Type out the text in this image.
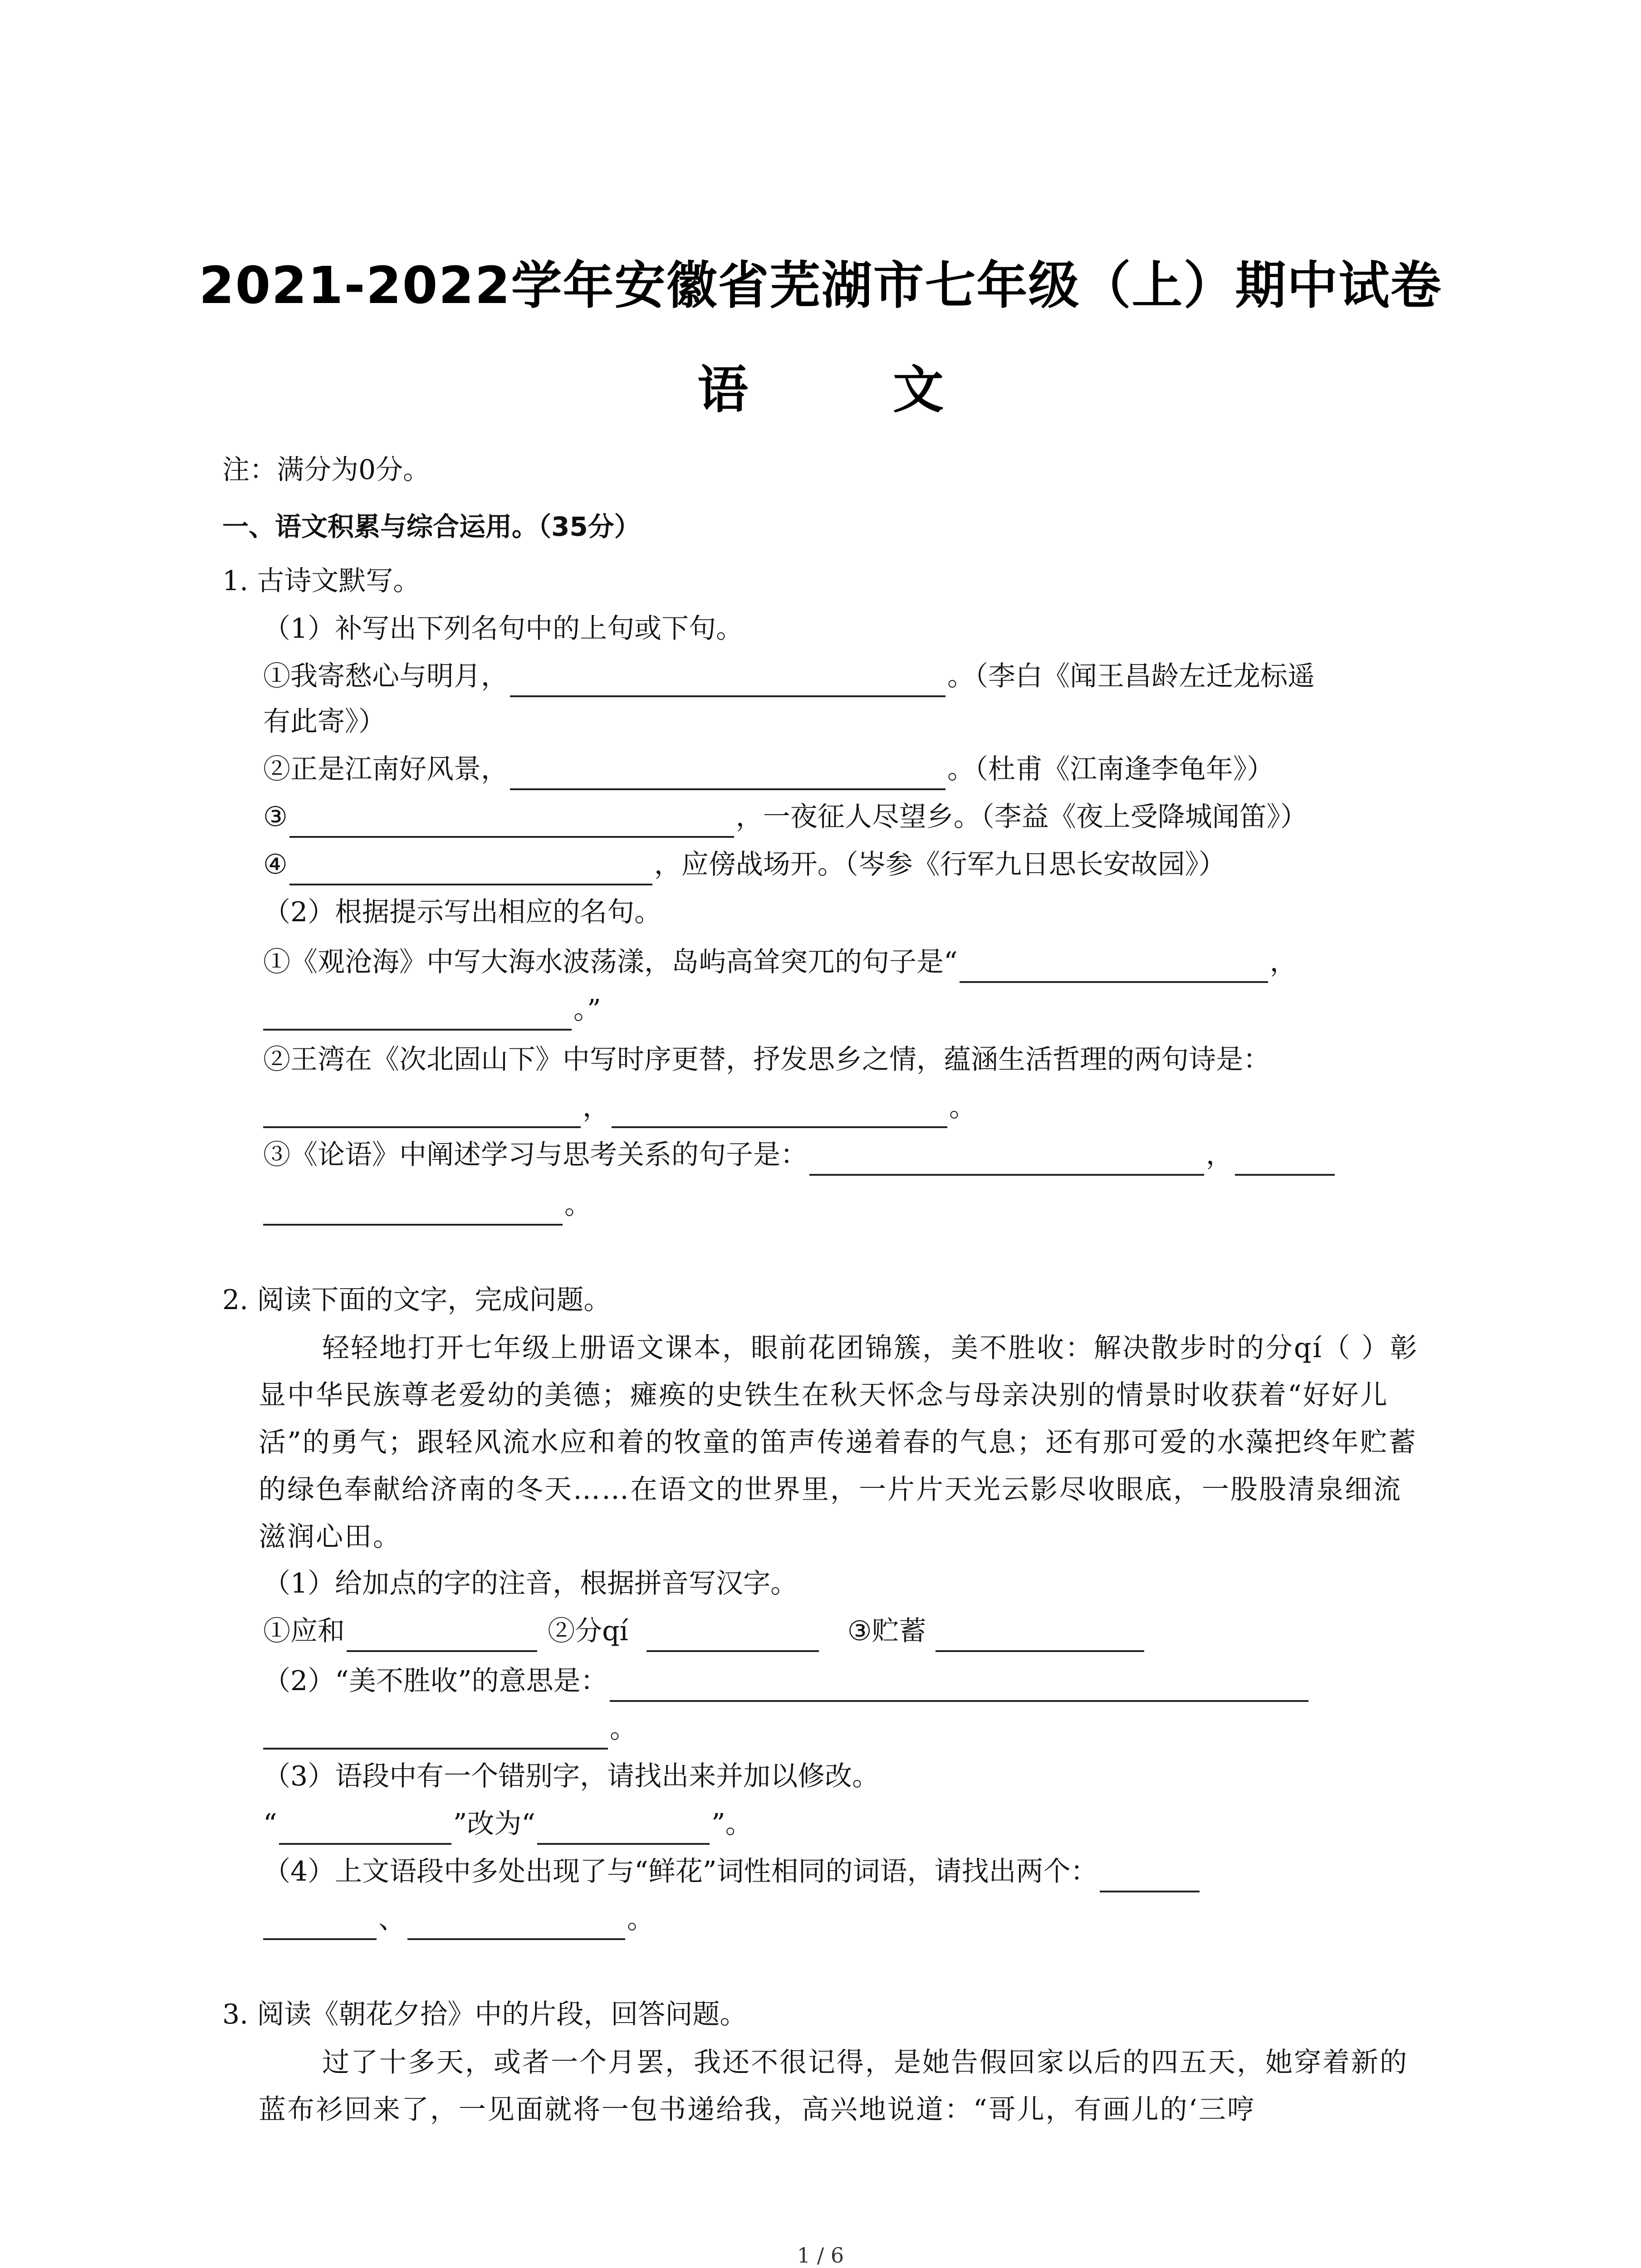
2021-2022学年安徽省芜湖市七年级（上）期中试卷
语 文
注：满分为0分。
一、语文积累与综合运用。（35分）
1. 古诗文默写。
（1）补写出下列名句中的上句或下句。
①我寄愁心与明月，	。（李白《闻王昌龄左迁龙标遥
有此寄》）
②正是江南好风景，	。（杜甫《江南逢李龟年》）
③	，一夜征人尽望乡。（李益《夜上受降城闻笛》）
④	，应傍战场开。（岑参《行军九日思长安故园》）
（2）根据提示写出相应的名句。
①《观沧海》中写大海水波荡漾，岛屿高耸突兀的句子是“	，
。”
②王湾在《次北固山下》中写时序更替，抒发思乡之情，蕴涵生活哲理的两句诗是：
，	。
③《论语》中阐述学习与思考关系的句子是：	，
。
2. 阅读下面的文字，完成问题。
轻轻地打开七年级上册语文课本，眼前花团锦簇，美不胜收：解决散步时的分qí（ ）彰显中华民族尊老爱幼的美德；瘫痪的史铁生在秋天怀念与母亲决别的情景时收获着“好好儿活”的勇气；跟轻风流水应和着的牧童的笛声传递着春的气息；还有那可爱的水藻把终年贮蓄的绿色奉献给济南的冬天……在语文的世界里，一片片天光云影尽收眼底，一股股清泉细流滋润心田。
（1）给加点的字的注音，根据拼音写汉字。
①应和	②分qí	③贮蓄
（2）“美不胜收”的意思是：
。
（3）语段中有一个错别字，请找出来并加以修改。
“	”改为“	”。
（4）上文语段中多处出现了与“鲜花”词性相同的词语，请找出两个：
、	。
3. 阅读《朝花夕拾》中的片段，回答问题。
过了十多天，或者一个月罢，我还不很记得，是她告假回家以后的四五天，她穿着新的蓝布衫回来了，一见面就将一包书递给我，高兴地说道：“哥儿，有画儿的‘三哼
1 / 6
